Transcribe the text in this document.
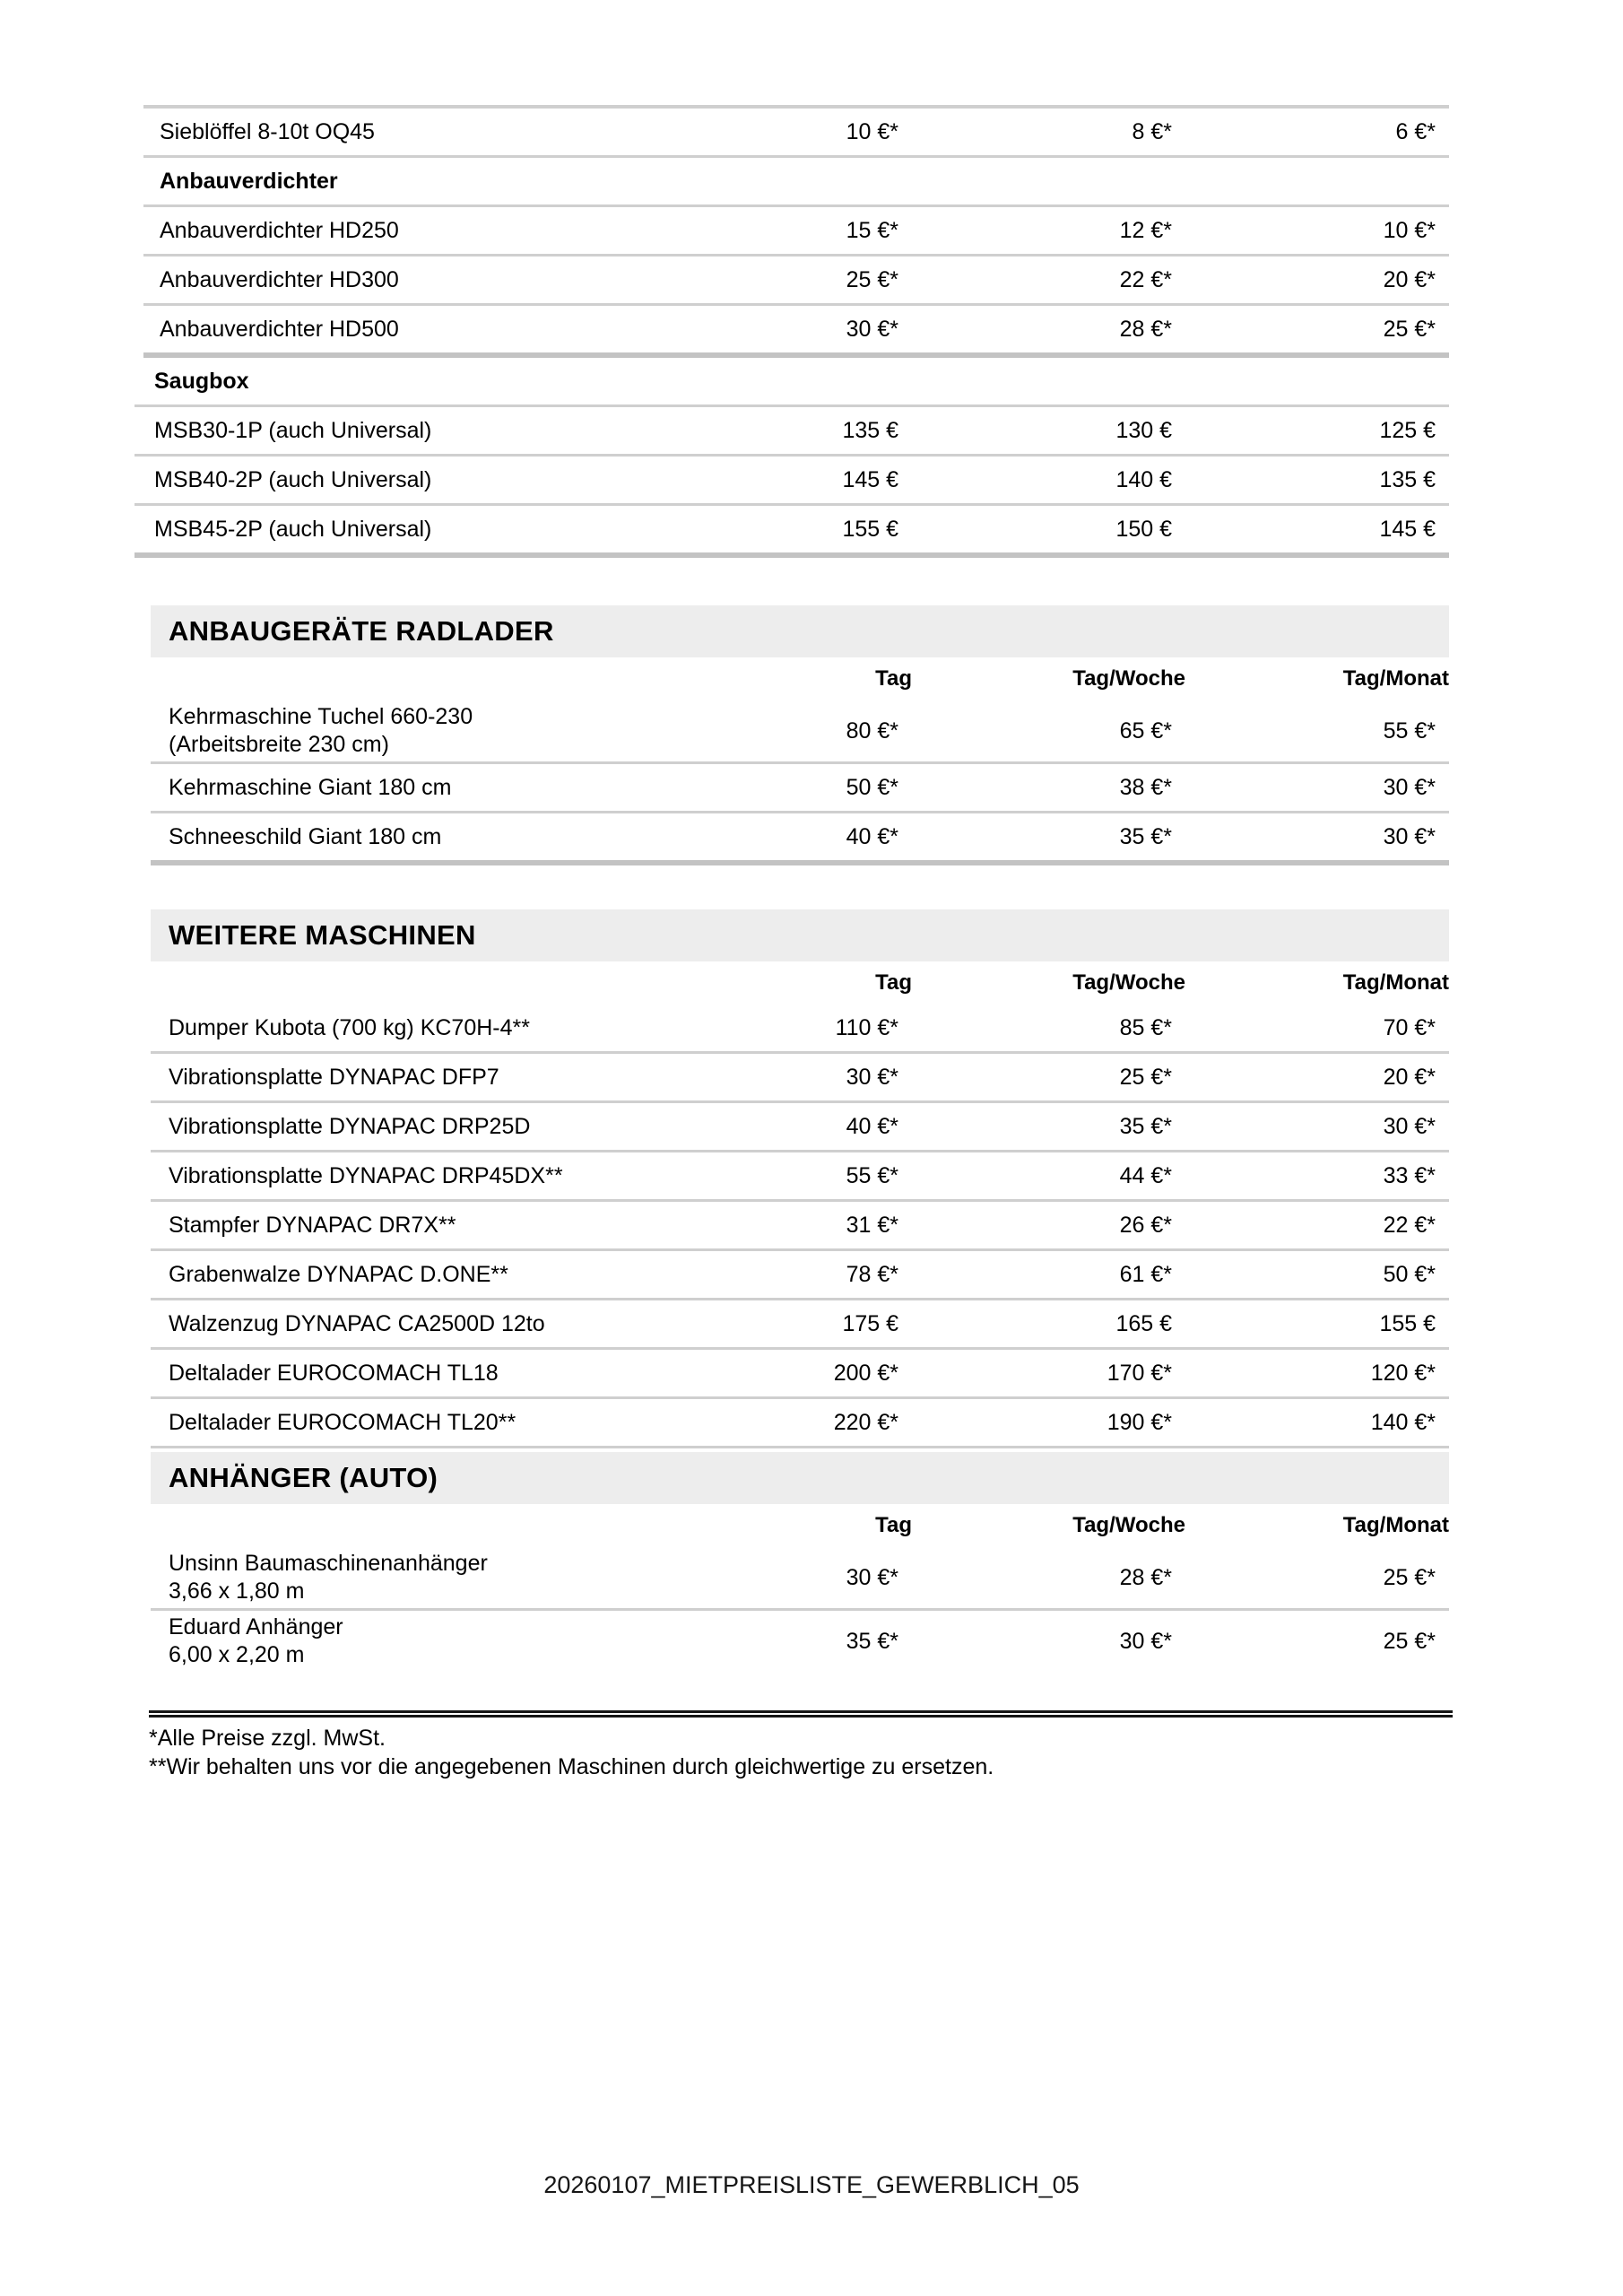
Sieblöffel 8-10t OQ45	10 €*	8 €*	6 €*
Anbauverdichter
Anbauverdichter HD250	15 €*	12 €*	10 €*
Anbauverdichter HD300	25 €*	22 €*	20 €*
Anbauverdichter HD500	30 €*	28 €*	25 €*
Saugbox
MSB30-1P (auch Universal)	135 €	130 €	125 €
MSB40-2P (auch Universal)	145 €	140 €	135 €
MSB45-2P (auch Universal)	155 €	150 €	145 €
ANBAUGERÄTE RADLADER
Tag	Tag/Woche	Tag/Monat
Kehrmaschine Tuchel 660-230
(Arbeitsbreite 230 cm)
80 €*	65 €*	55 €*
Kehrmaschine Giant 180 cm	50 €*	38 €*	30 €*
Schneeschild Giant 180 cm	40 €*	35 €*	30 €*
WEITERE MASCHINEN
Tag	Tag/Woche	Tag/Monat
Dumper Kubota (700 kg) KC70H-4**	110 €*	85 €*	70 €*
Vibrationsplatte DYNAPAC DFP7	30 €*	25 €*	20 €*
Vibrationsplatte DYNAPAC DRP25D	40 €*	35 €*	30 €*
Vibrationsplatte DYNAPAC DRP45DX**	55 €*	44 €*	33 €*
Stampfer DYNAPAC DR7X**	31 €*	26 €*	22 €*
Grabenwalze DYNAPAC D.ONE**	78 €*	61 €*	50 €*
Walzenzug DYNAPAC CA2500D 12to	175 €	165 €	155 €
Deltalader EUROCOMACH TL18	200 €*	170 €*	120 €*
Deltalader EUROCOMACH TL20**	220 €*	190 €*	140 €*
ANHÄNGER (AUTO)
Tag	Tag/Woche	Tag/Monat
Unsinn Baumaschinenanhänger
3,66 x 1,80 m
30 €*	28 €*	25 €*
Eduard Anhänger
6,00 x 2,20 m
35 €*	30 €*	25 €*
*Alle Preise zzgl. MwSt.
**Wir behalten uns vor die angegebenen Maschinen durch gleichwertige zu ersetzen.
20260107_MIETPREISLISTE_GEWERBLICH_05
